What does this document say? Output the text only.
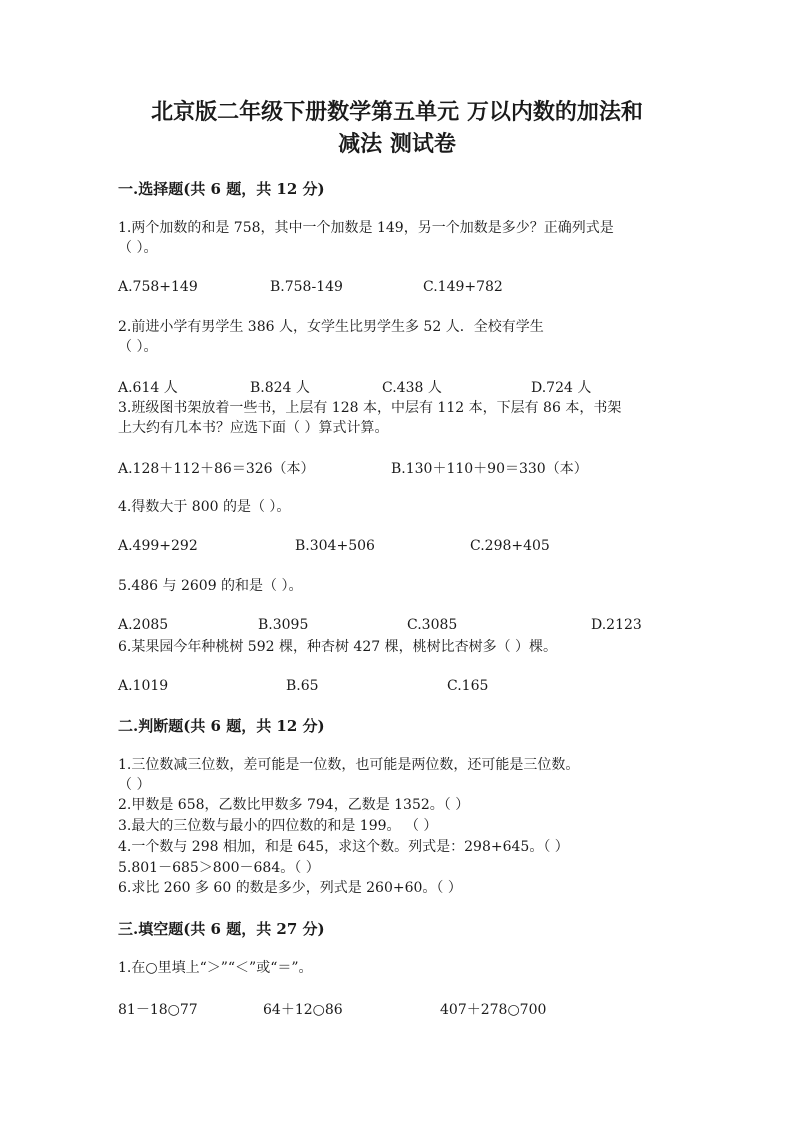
北京版二年级下册数学第五单元 万以内数的加法和
减法 测试卷
一.选择题(共 6 题，共 12 分)
1.两个加数的和是 758，其中一个加数是 149，另一个加数是多少？正确列式是
（ ）。
A.758+149	B.758-149	C.149+782
2.前进小学有男学生 386 人，女学生比男学生多 52 人．全校有学生
（ ）。
A.614 人	B.824 人	C.438 人	D.724 人
3.班级图书架放着一些书，上层有 128 本，中层有 112 本，下层有 86 本，书架
上大约有几本书？应选下面（ ）算式计算。
A.128＋112＋86＝326（本）	B.130＋110＋90＝330（本）
4.得数大于 800 的是（ ）。
A.499+292	B.304+506	C.298+405
5.486 与 2609 的和是（ ）。
A.2085	B.3095	C.3085	D.2123
6.某果园今年种桃树 592 棵，种杏树 427 棵，桃树比杏树多（ ）棵。
A.1019	B.65	C.165
二.判断题(共 6 题，共 12 分)
1.三位数减三位数，差可能是一位数，也可能是两位数，还可能是三位数。
（ ）
2.甲数是 658，乙数比甲数多 794，乙数是 1352。（ ）
3.最大的三位数与最小的四位数的和是 199。 （ ）
4.一个数与 298 相加，和是 645，求这个数。列式是：298+645。（ ）
5.801－685＞800－684。（ ）
6.求比 260 多 60 的数是多少，列式是 260+60。（ ）
三.填空题(共 6 题，共 27 分)
1.在○里填上“＞”“＜”或“＝”。
81－18○77	64＋12○86	407＋278○700
